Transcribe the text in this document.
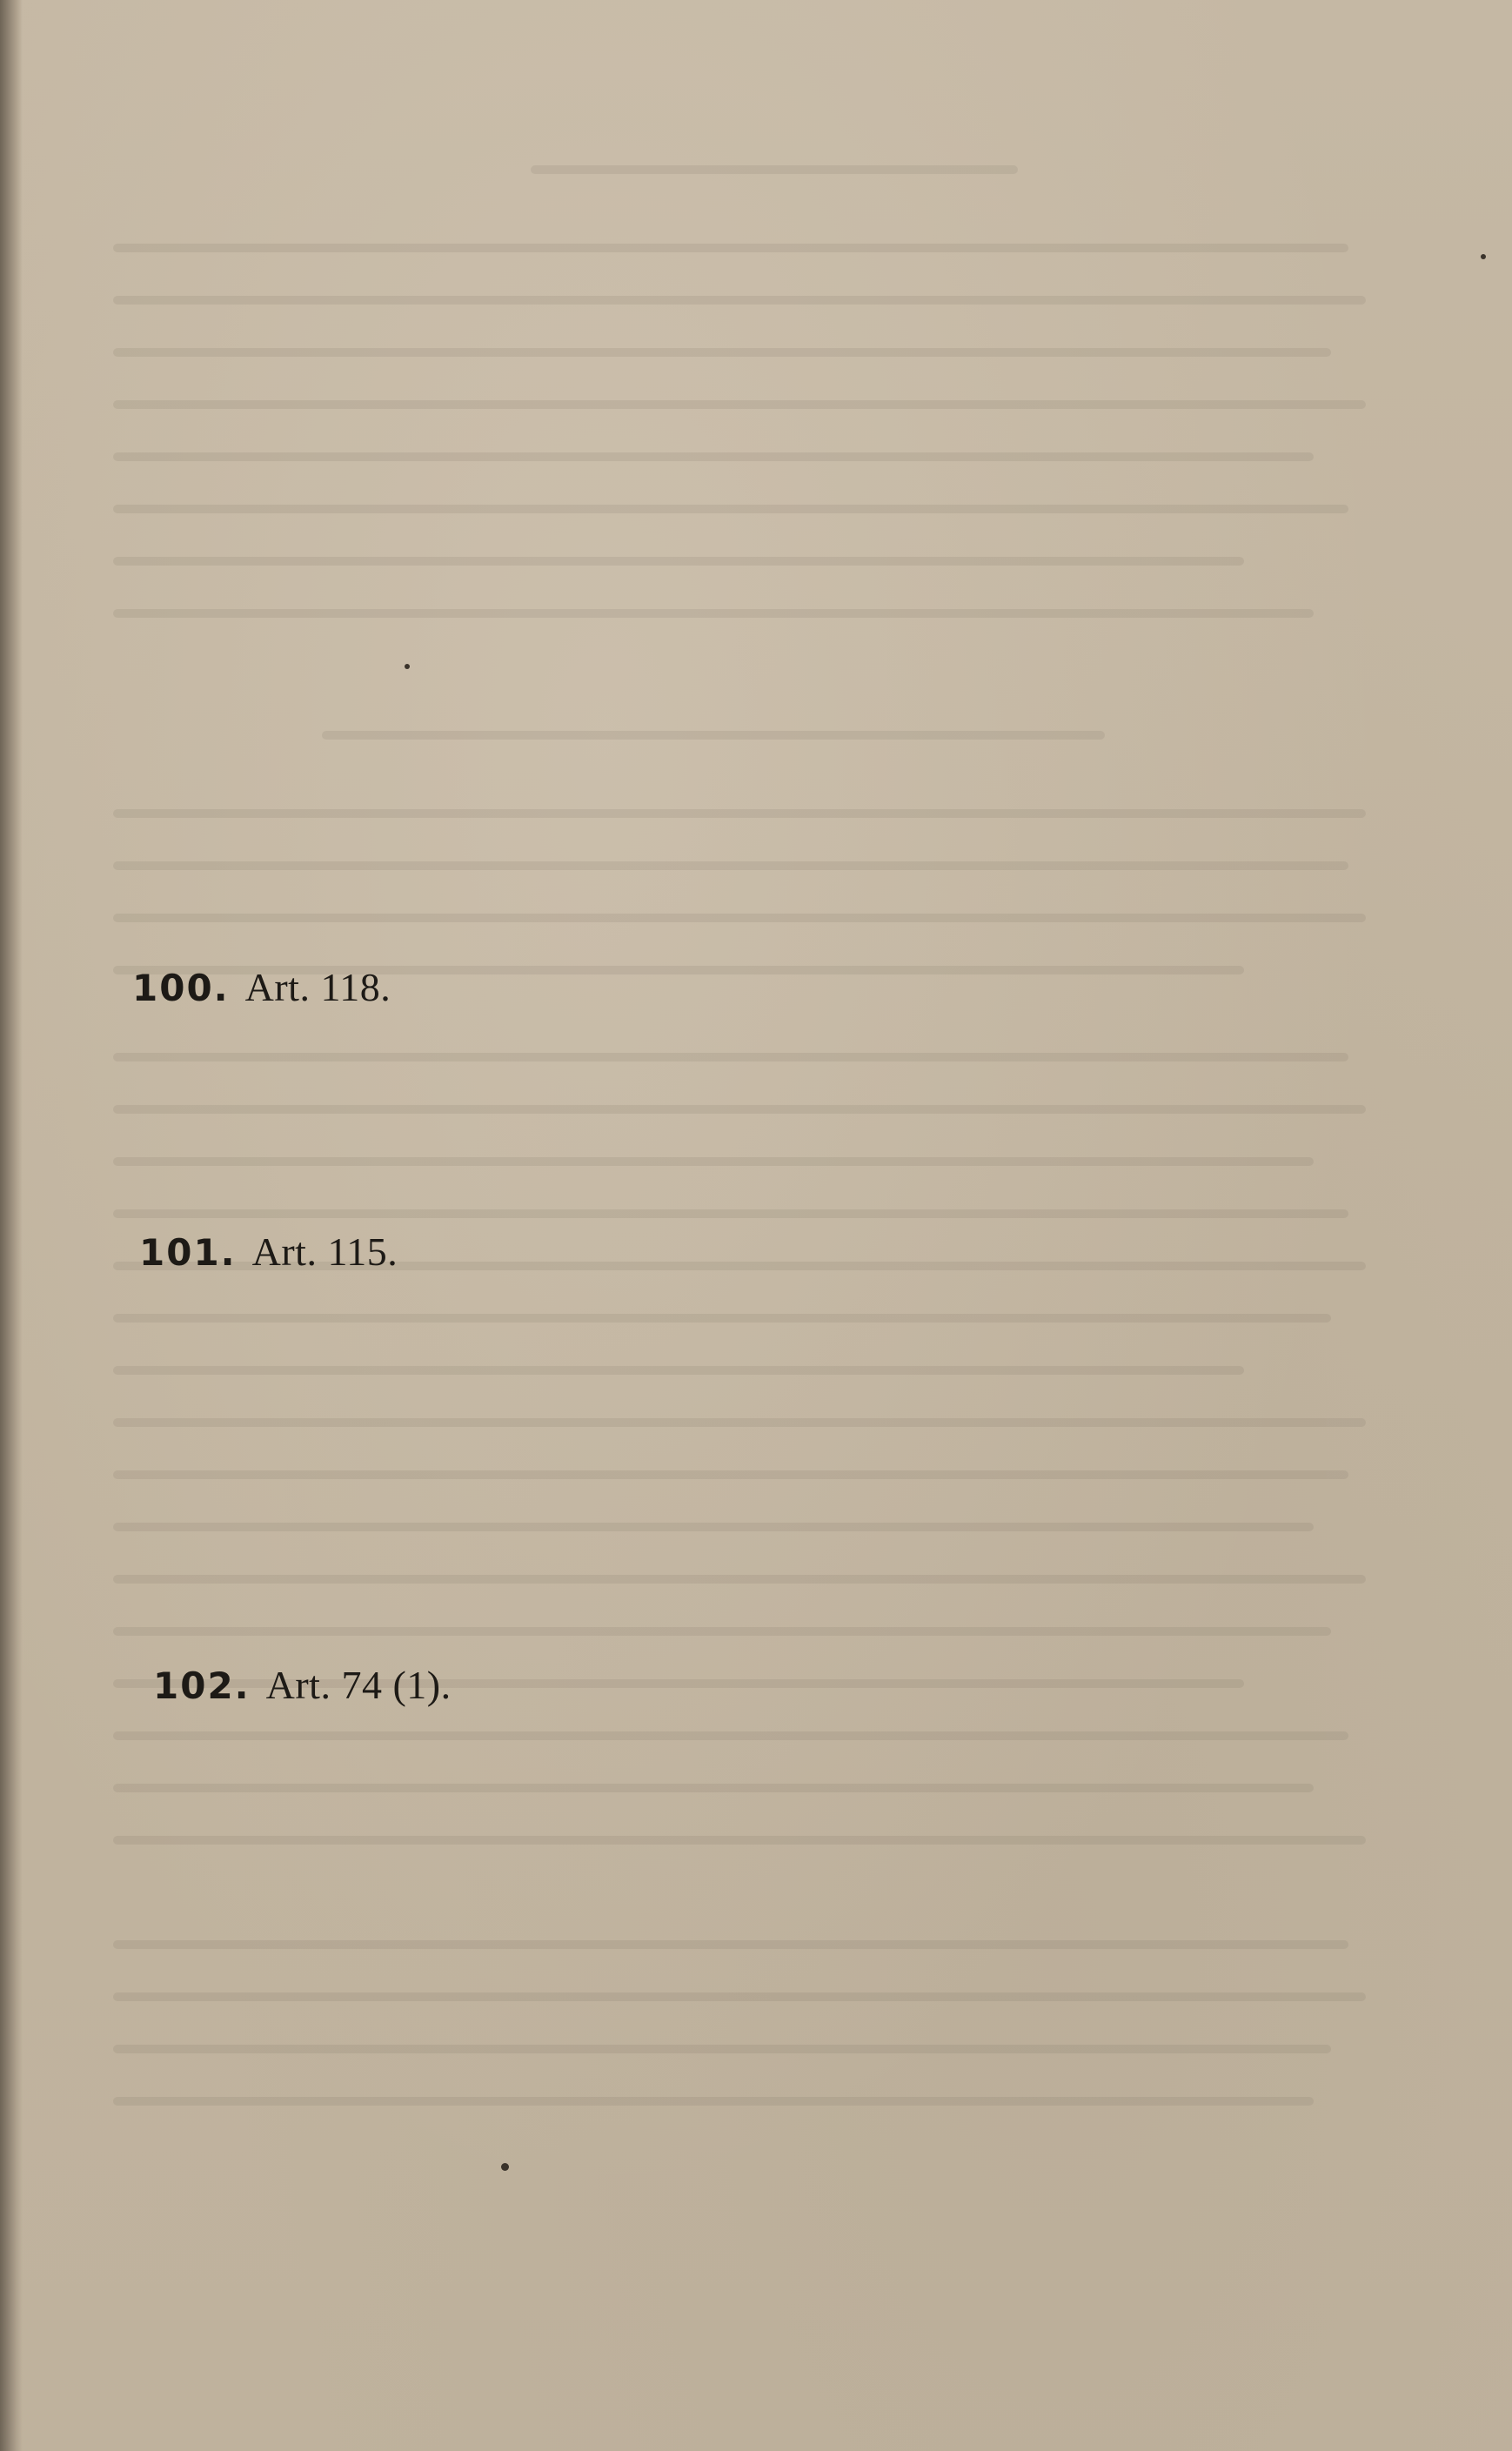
100. Art. 118.
101. Art. 115.
102. Art. 74 (1).
